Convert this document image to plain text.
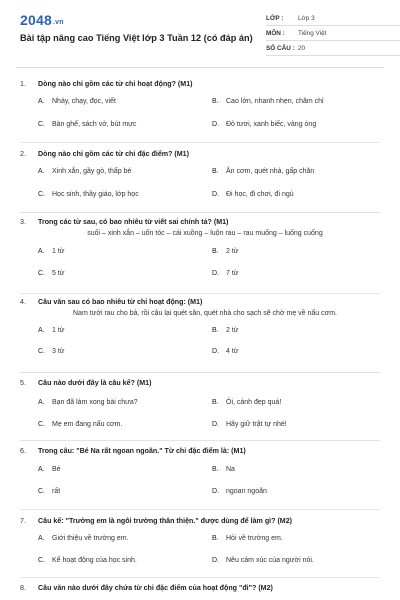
2048.vn
Bài tập nâng cao Tiếng Việt lớp 3 Tuần 12 (có đáp án)
LỚP :	Lớp 3
MÔN :	Tiếng Việt
SỐ CÂU : 20
1.	Dòng nào chỉ gồm các từ chỉ hoạt động? (M1)
A.	Nhảy, chạy, đọc, viết	B.	Cao lớn, nhanh nhẹn, chăm chỉ
C.	Bàn ghế, sách vở, bút mực	D.	Đỏ tươi, xanh biếc, vàng óng
2.	Dòng nào chỉ gồm các từ chỉ đặc điểm? (M1)
A.	Xinh xắn, gầy gò, thấp bé	B.	Ăn cơm, quét nhà, gấp chăn
C.	Học sinh, thầy giáo, lớp học	D.	Đi học, đi chơi, đi ngủ
3.	Trong các từ sau, có bao nhiêu từ viết sai chính tả? (M1)
suối – xinh xắn – uốn tóc – cái xuồng – luộn rau – rau muống – luống cuống
A.	1 từ	B.	2 từ
C.	5 từ	D.	7 từ
4.	Câu văn sau có bao nhiêu từ chỉ hoạt động: (M1)
Nam tưới rau cho bà, rồi cậu lại quét sân, quét nhà cho sạch sẽ chờ mẹ về nấu cơm.
A.	1 từ	B.	2 từ
C.	3 từ	D.	4 từ
5.	Câu nào dưới đây là câu kể? (M1)
A.	Bạn đã làm xong bài chưa?	B.	Ôi, cảnh đẹp quá!
C.	Mẹ em đang nấu cơm.	D.	Hãy giữ trật tự nhé!
6.	Trong câu: "Bé Na rất ngoan ngoãn." Từ chỉ đặc điểm là: (M1)
A.	Bé	B.	Na
C.	rất	D.	ngoan ngoãn
7.	Câu kể: "Trường em là ngôi trường thân thiện." được dùng để làm gì? (M2)
A.	Giới thiệu về trường em.	B.	Hỏi về trường em.
C.	Kể hoạt động của học sinh.	D.	Nêu cảm xúc của người nói.
8.	Câu văn nào dưới đây chứa từ chỉ đặc điểm của hoạt động "đi"? (M2)
